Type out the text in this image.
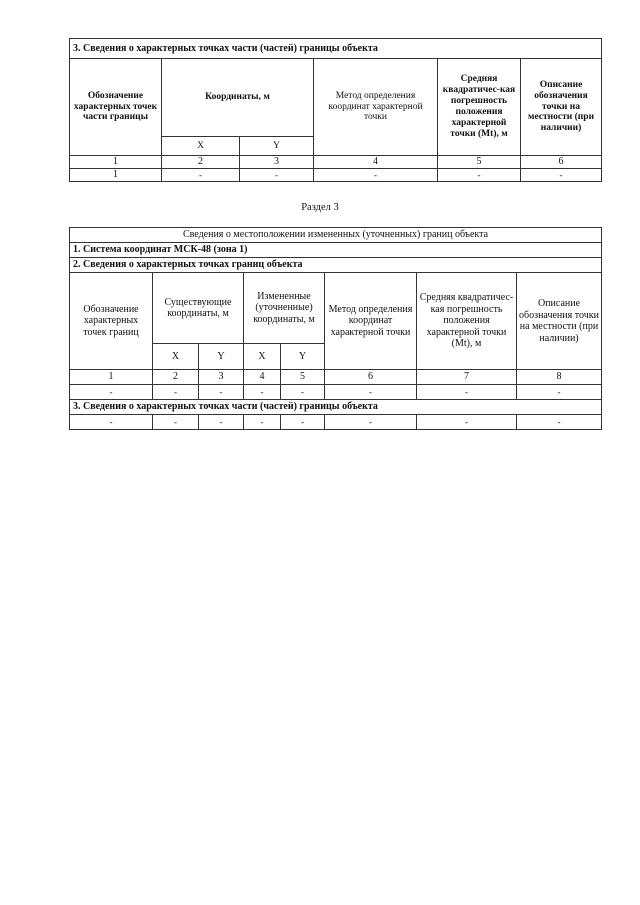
3. Сведения о характерных точках части (частей) границы объекта					
Обозначение характерных точек части границы	Координаты, м		Метод определения координат характерной точки	Средняя квадратичес-кая погрешность положения характерной точки (Mt), м	Описание обозначения точки на местности (при наличии)
	X	Y			
1	2	3	4	5	6
1	-	-	-	-	-
Раздел 3
Сведения о местоположении измененных (уточненных) границ объекта							
1. Система координат МСК-48 (зона 1)							
2. Сведения о характерных точках границ объекта							
Обозначение характерных точек границ	Существующие координаты, м		Измененные (уточненные) координаты, м		Метод определения координат характерной точки	Средняя квадратичес-кая погрешность положения характерной точки (Mt), м	Описание обозначения точки на местности (при наличии)
	X	Y	X	Y			
1	2	3	4	5	6	7	8
-	-	-	-	-	-	-	-
3. Сведения о характерных точках части (частей) границы объекта							
-	-	-	-	-	-	-	-
